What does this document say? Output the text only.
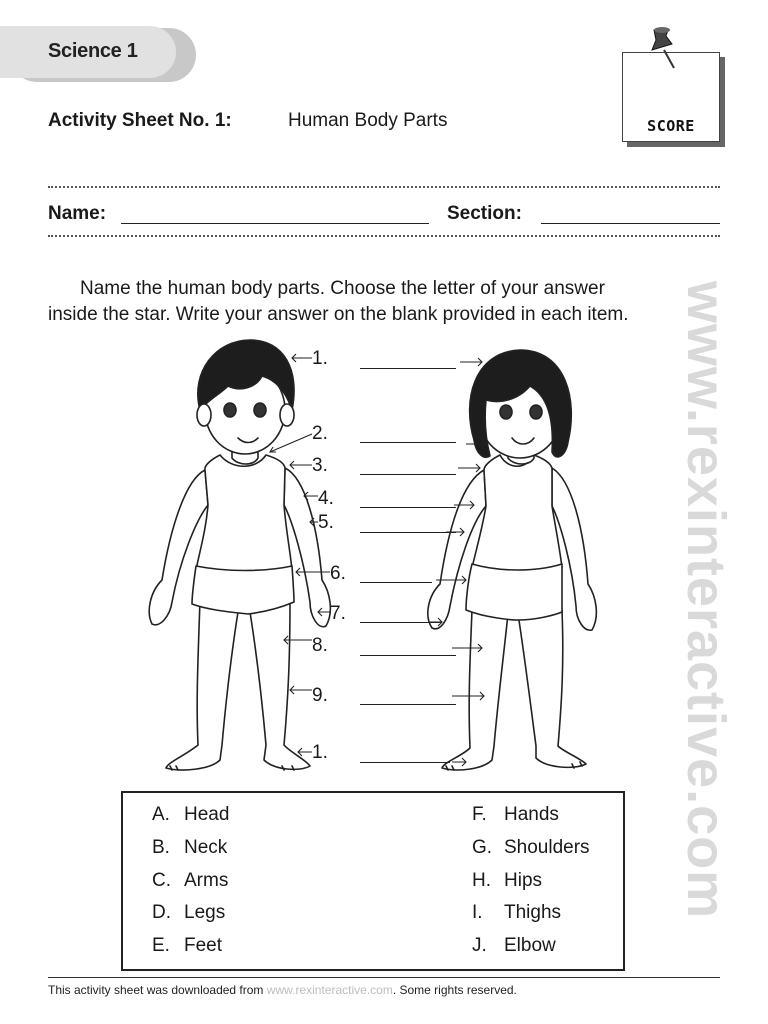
Science 1
SCORE
Activity Sheet No. 1:	Human Body Parts
Name:	Section:
Name the human body parts. Choose the letter of your answer inside the star. Write your answer on the blank provided in each item.
1.
2.
3.
4.
5.
6.
7.
8.
9.
1.
A. Head
B. Neck
C. Arms
D. Legs
E. Feet
F. Hands
G. Shoulders
H. Hips
I. Thighs
J. Elbow
www.rexinteractive.com
This activity sheet was downloaded from www.rexinteractive.com. Some rights reserved.
